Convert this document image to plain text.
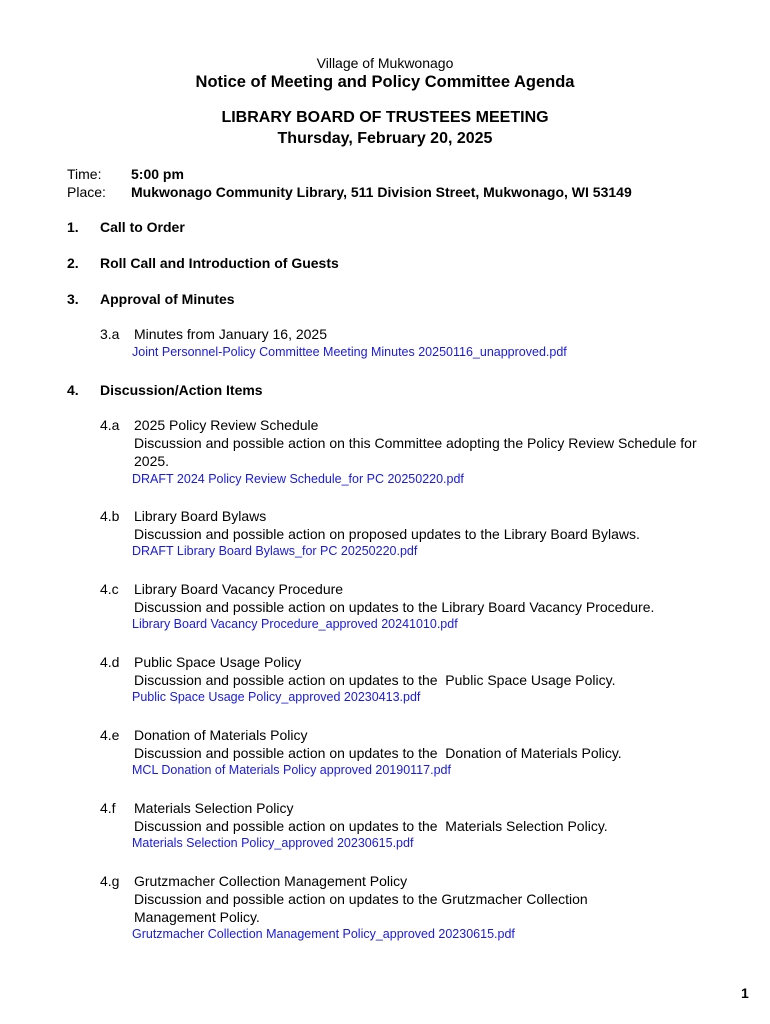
Village of Mukwonago
Notice of Meeting and Policy Committee Agenda
LIBRARY BOARD OF TRUSTEES MEETING
Thursday, February 20, 2025
Time: 5:00 pm
Place: Mukwonago Community Library, 511 Division Street, Mukwonago, WI 53149
1. Call to Order
2. Roll Call and Introduction of Guests
3. Approval of Minutes
3.a Minutes from January 16, 2025
Joint Personnel-Policy Committee Meeting Minutes 20250116_unapproved.pdf
4. Discussion/Action Items
4.a 2025 Policy Review Schedule
Discussion and possible action on this Committee adopting the Policy Review Schedule for 2025.
DRAFT 2024 Policy Review Schedule_for PC 20250220.pdf
4.b Library Board Bylaws
Discussion and possible action on proposed updates to the Library Board Bylaws.
DRAFT Library Board Bylaws_for PC 20250220.pdf
4.c Library Board Vacancy Procedure
Discussion and possible action on updates to the Library Board Vacancy Procedure.
Library Board Vacancy Procedure_approved 20241010.pdf
4.d Public Space Usage Policy
Discussion and possible action on updates to the  Public Space Usage Policy.
Public Space Usage Policy_approved 20230413.pdf
4.e Donation of Materials Policy
Discussion and possible action on updates to the  Donation of Materials Policy.
MCL Donation of Materials Policy approved 20190117.pdf
4.f Materials Selection Policy
Discussion and possible action on updates to the  Materials Selection Policy.
Materials Selection Policy_approved 20230615.pdf
4.g Grutzmacher Collection Management Policy
Discussion and possible action on updates to the Grutzmacher Collection Management Policy.
Grutzmacher Collection Management Policy_approved 20230615.pdf
1
